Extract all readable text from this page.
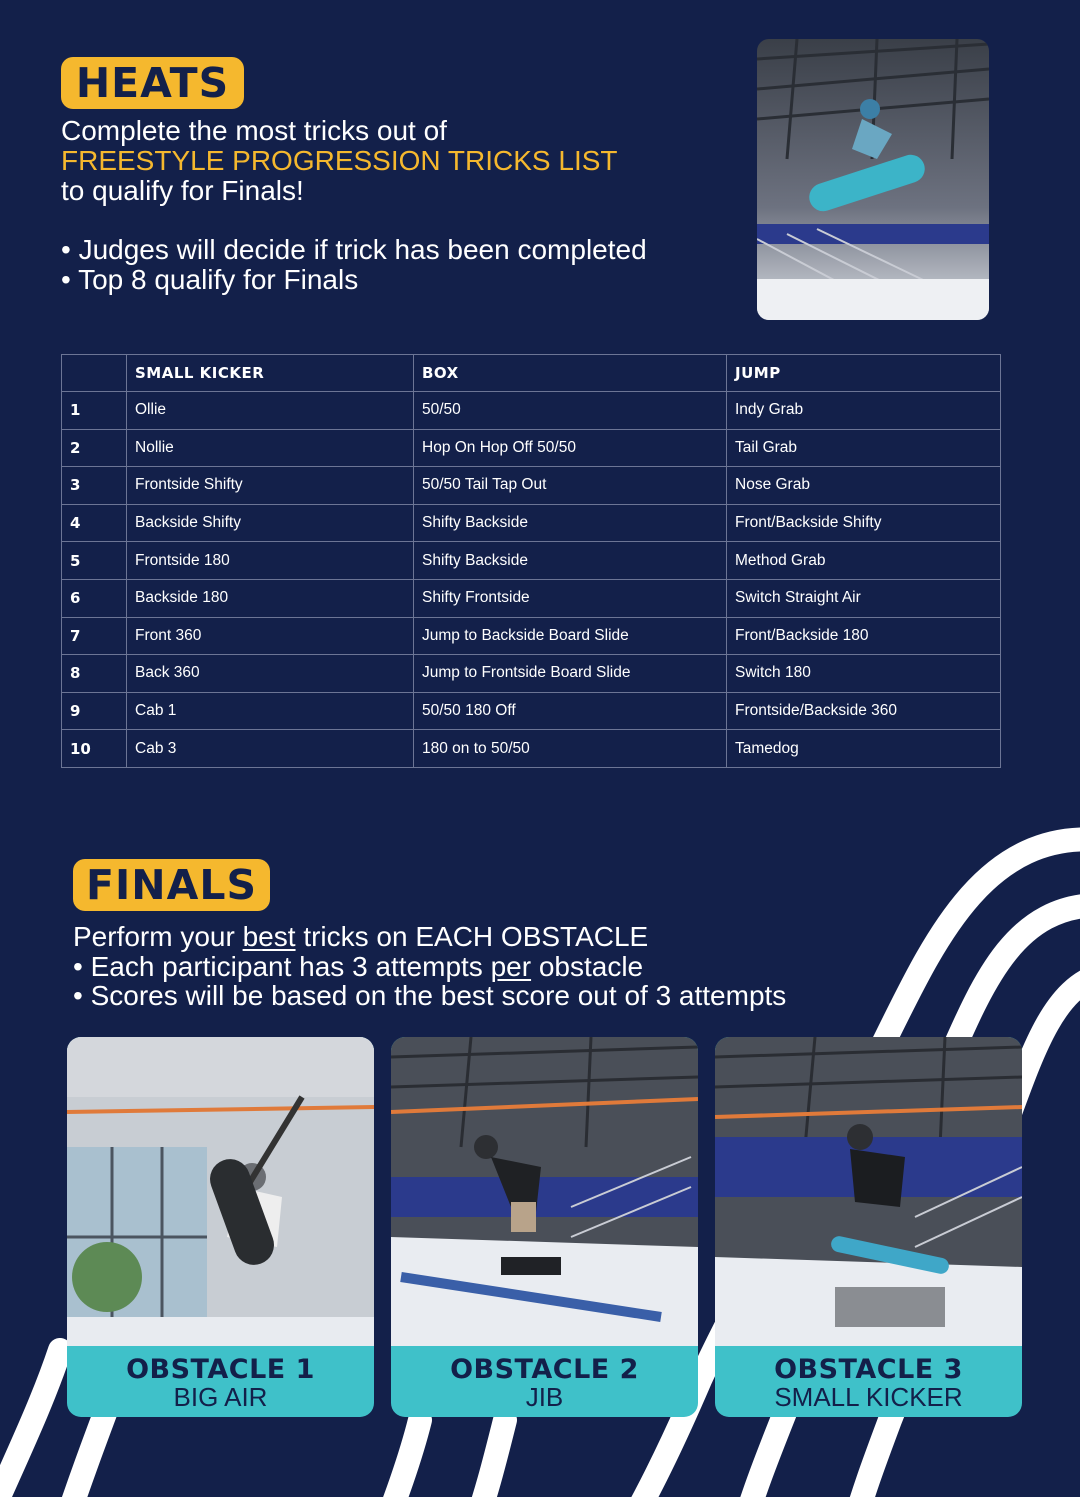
HEATS
Complete the most tricks out of
FREESTYLE PROGRESSION TRICKS LIST
to qualify for Finals!
• Judges will decide if trick has been completed
• Top 8 qualify for Finals
	SMALL KICKER	BOX	JUMP
1	Ollie	50/50	Indy Grab
2	Nollie	Hop On Hop Off 50/50	Tail Grab
3	Frontside Shifty	50/50 Tail Tap Out	Nose Grab
4	Backside Shifty	Shifty Backside	Front/Backside Shifty
5	Frontside 180	Shifty Backside	Method Grab
6	Backside 180	Shifty Frontside	Switch Straight Air
7	Front 360	Jump to Backside Board Slide	Front/Backside 180
8	Back 360	Jump to Frontside Board Slide	Switch 180
9	Cab 1	50/50 180 Off	Frontside/Backside 360
10	Cab 3	180 on to 50/50	Tamedog
FINALS
Perform your best tricks on EACH OBSTACLE
• Each participant has 3 attempts per obstacle
• Scores will be based on the best score out of 3 attempts
OBSTACLE 1
BIG AIR
OBSTACLE 2
JIB
OBSTACLE 3
SMALL KICKER
